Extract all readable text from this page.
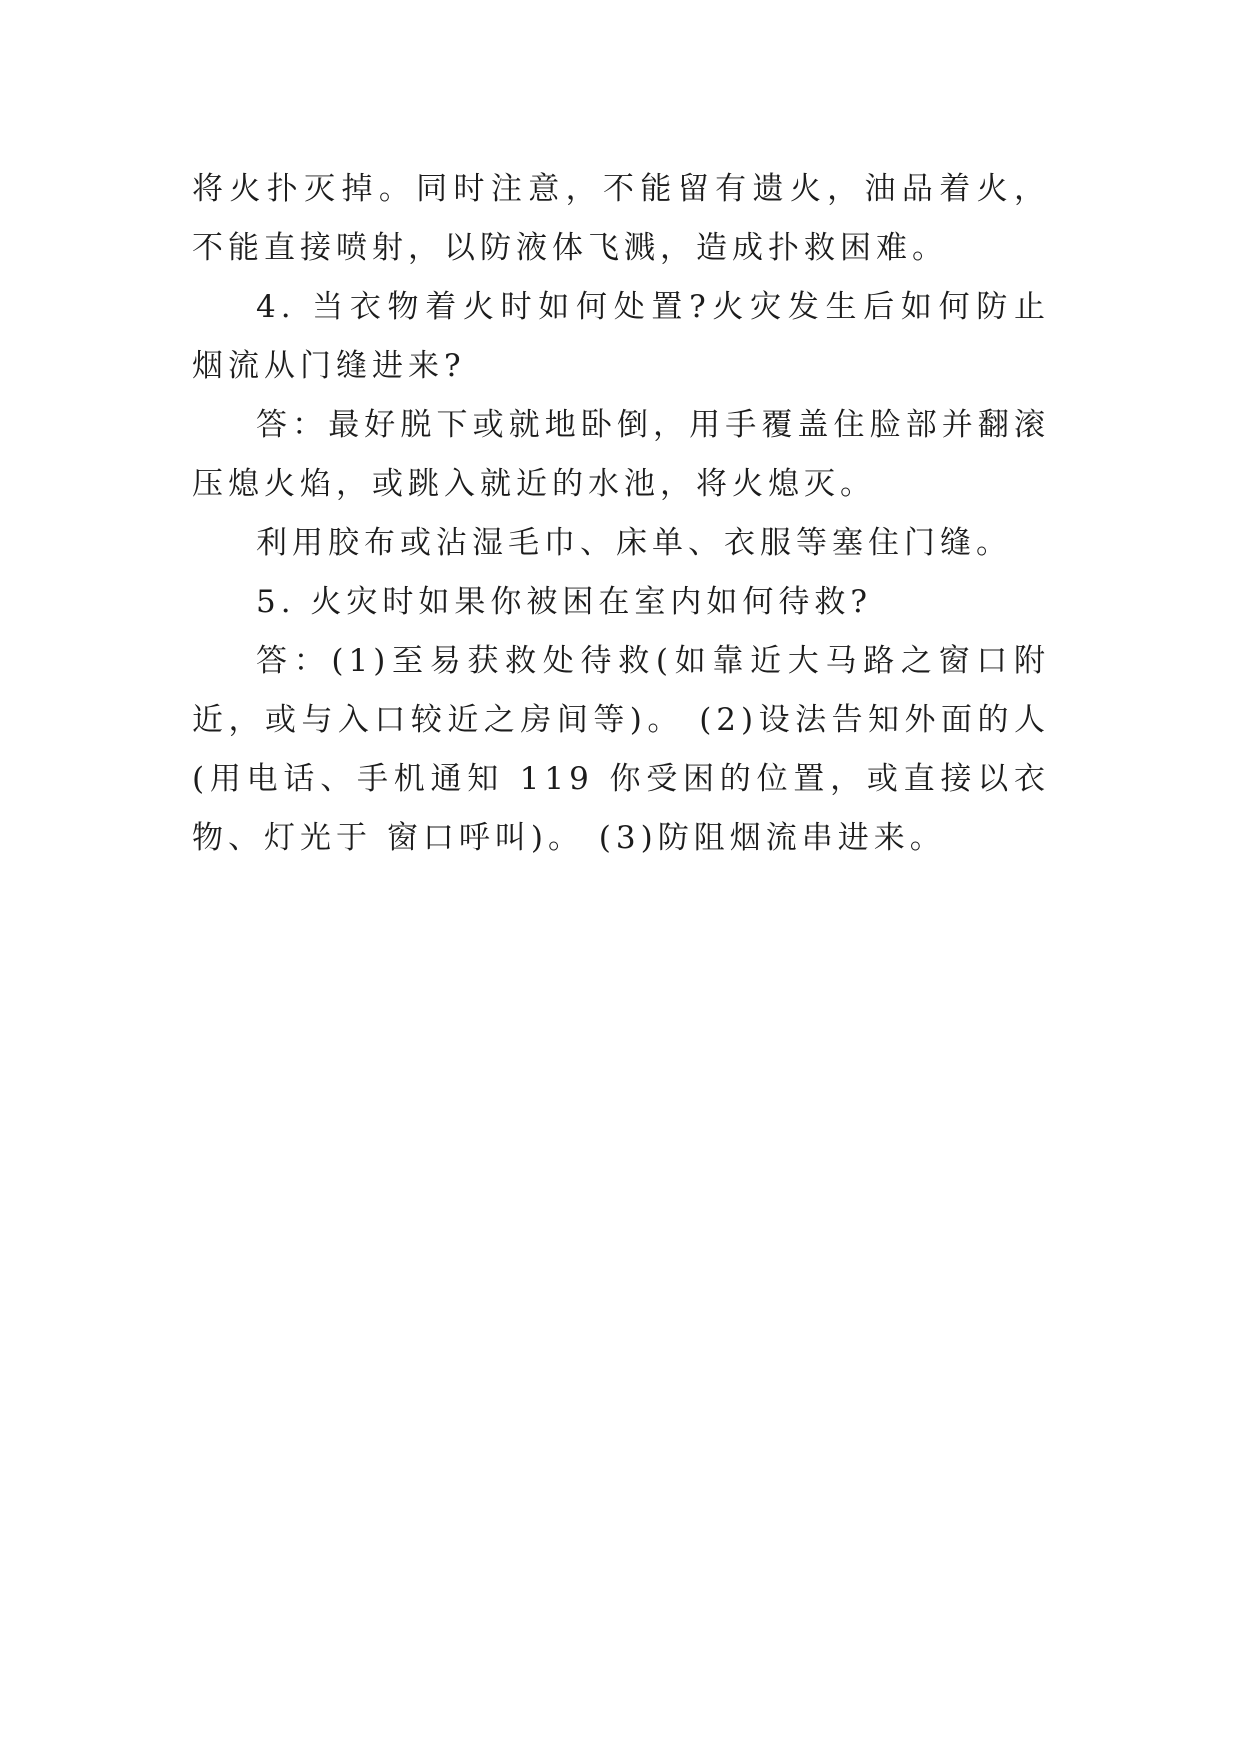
将火扑灭掉。同时注意，不能留有遗火，油品着火，不能直接喷射，以防液体飞溅，造成扑救困难。

4. 当衣物着火时如何处置?火灾发生后如何防止烟流从门缝进来?

答：最好脱下或就地卧倒，用手覆盖住脸部并翻滚压熄火焰，或跳入就近的水池，将火熄灭。

利用胶布或沾湿毛巾、床单、衣服等塞住门缝。

5. 火灾时如果你被困在室内如何待救?

答：(1)至易获救处待救(如靠近大马路之窗口附近，或与入口较近之房间等)。 (2)设法告知外面的人(用电话、手机通知 119 你受困的位置，或直接以衣物、灯光于 窗口呼叫)。 (3)防阻烟流串进来。
